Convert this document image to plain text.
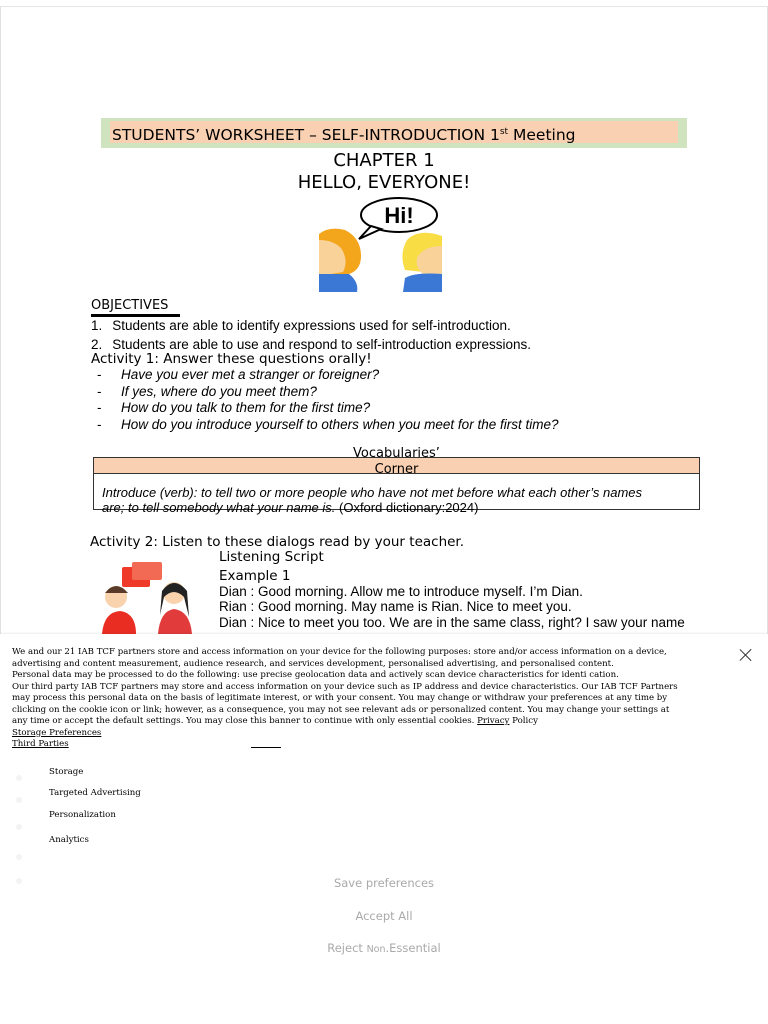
STUDENTS’ WORKSHEET – SELF-INTRODUCTION 1st Meeting
CHAPTER 1
HELLO, EVERYONE!
Hi!
OBJECTIVES
1. Students are able to identify expressions used for self-introduction.
2. Students are able to use and respond to self-introduction expressions.
Activity 1: Answer these questions orally!
- Have you ever met a stranger or foreigner?
- If yes, where do you meet them?
- How do you talk to them for the first time?
- How do you introduce yourself to others when you meet for the first time?
Introduce (verb): to tell two or more people who have not met before what each other’s names
are; to tell somebody what your name is. (Oxford dictionary:2024)
Vocabularies’
Corner
Activity 2: Listen to these dialogs read by your teacher.
Listening Script
Example 1
Dian : Good morning. Allow me to introduce myself. I’m Dian.
Rian : Good morning. May name is Rian. Nice to meet you.
Dian : Nice to meet you too. We are in the same class, right? I saw your name

We and our 21 IAB TCF partners store and access information on your device for the following purposes: store and/or access information on a device,

advertising and content measurement, audience research, and services development, personalised advertising, and personalised content.

Personal data may be processed to do the following: use precise geolocation data and actively scan device characteristics for identi cation.

Our third party IAB TCF partners may store and access information on your device such as IP address and device characteristics. Our IAB TCF Partners

may process this personal data on the basis of legitimate interest, or with your consent. You may change or withdraw your preferences at any time by

clicking on the cookie icon or link; however, as a consequence, you may not see relevant ads or personalized content. You may change your settings at

any time or accept the default settings. You may close this banner to continue with only essential cookies. Privacy Policy

Storage Preferences

Third Parties

Storage
Targeted Advertising
Personalization
Analytics
Save preferences
Accept All
Reject Non.Essential
